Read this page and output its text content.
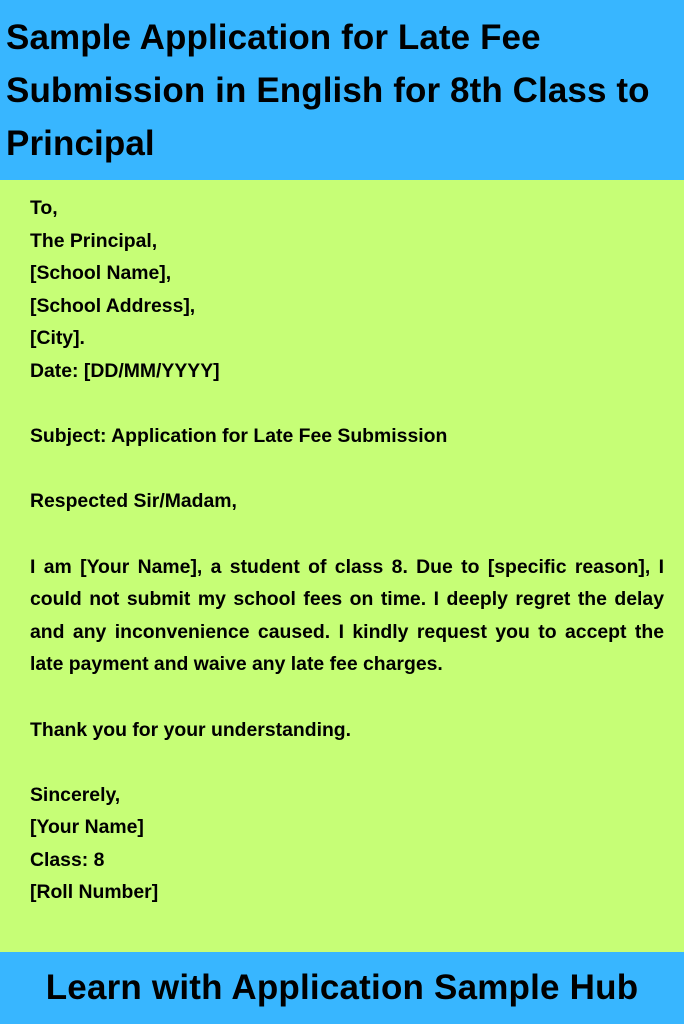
Sample Application for Late Fee Submission in English for 8th Class to Principal
To,
The Principal,
[School Name],
[School Address],
[City].
Date: [DD/MM/YYYY]
Subject: Application for Late Fee Submission
Respected Sir/Madam,
I am [Your Name], a student of class 8. Due to [specific reason], I could not submit my school fees on time. I deeply regret the delay and any inconvenience caused. I kindly request you to accept the late payment and waive any late fee charges.
Thank you for your understanding.
Sincerely,
[Your Name]
Class: 8
[Roll Number]
Learn with Application Sample Hub
